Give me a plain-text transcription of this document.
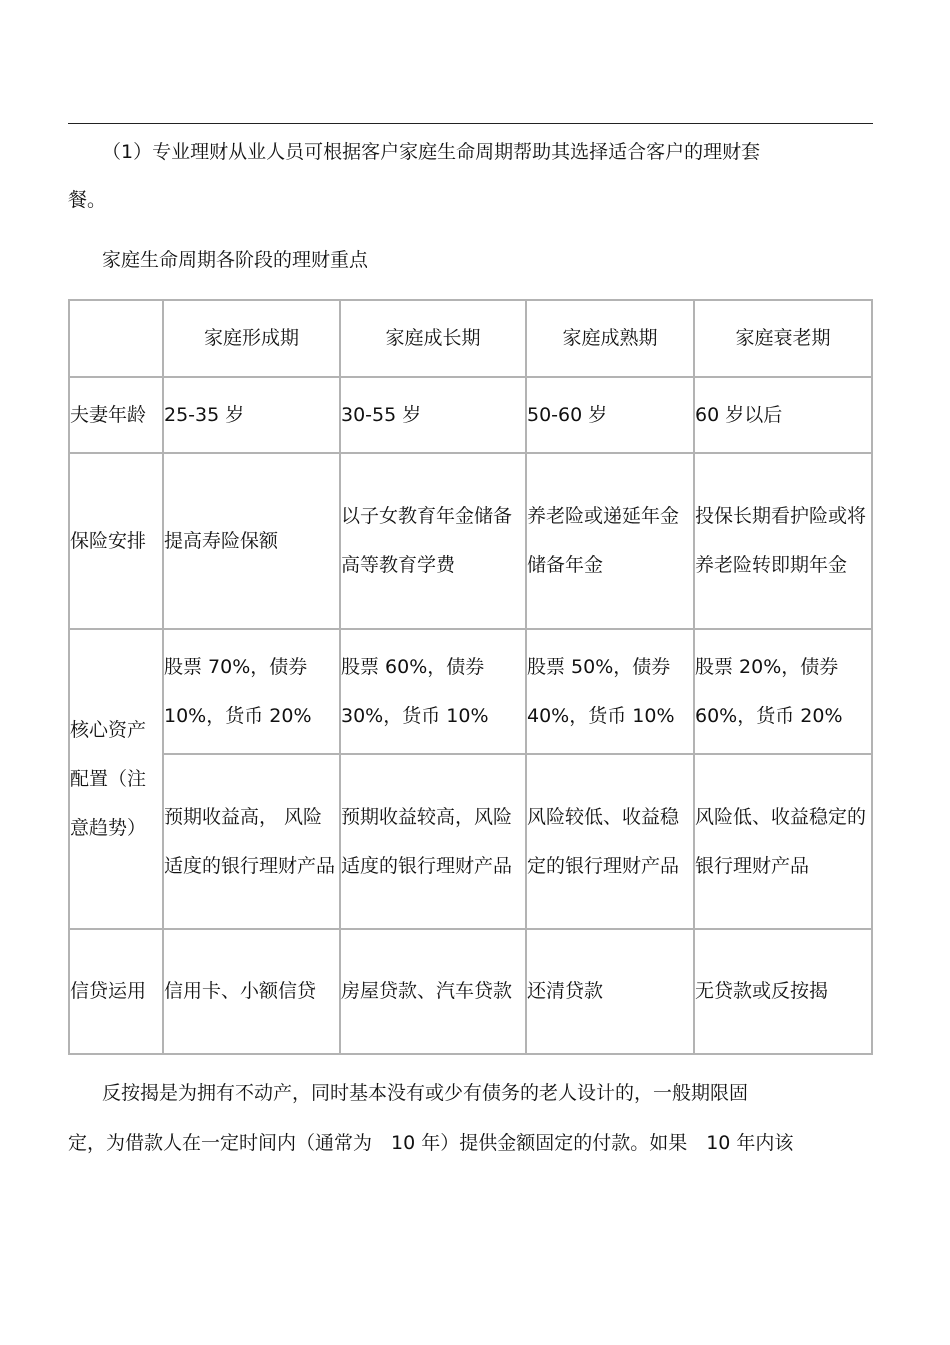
（1）专业理财从业人员可根据客户家庭生命周期帮助其选择适合客户的理财套
餐。
家庭生命周期各阶段的理财重点
	家庭形成期	家庭成长期	家庭成熟期	家庭衰老期
夫妻年龄	25-35 岁	30-55 岁	50-60 岁	60 岁以后
保险安排	提高寿险保额	以子女教育年金储备高等教育学费	养老险或递延年金储备年金	投保长期看护险或将养老险转即期年金
核心资产配置（注意趋势）	股票 70%，债券 10%，货币 20%	股票 60%，债券 30%，货币 10%	股票 50%，债券 40%，货币 10%	股票 20%，债券 60%，货币 20%
	预期收益高， 风险适度的银行理财产品	预期收益较高，风险适度的银行理财产品	风险较低、收益稳定的银行理财产品	风险低、收益稳定的银行理财产品
信贷运用	信用卡、小额信贷	房屋贷款、汽车贷款	还清贷款	无贷款或反按揭
反按揭是为拥有不动产，同时基本没有或少有债务的老人设计的，一般期限固
定，为借款人在一定时间内（通常为　10 年）提供金额固定的付款。如果　10 年内该
